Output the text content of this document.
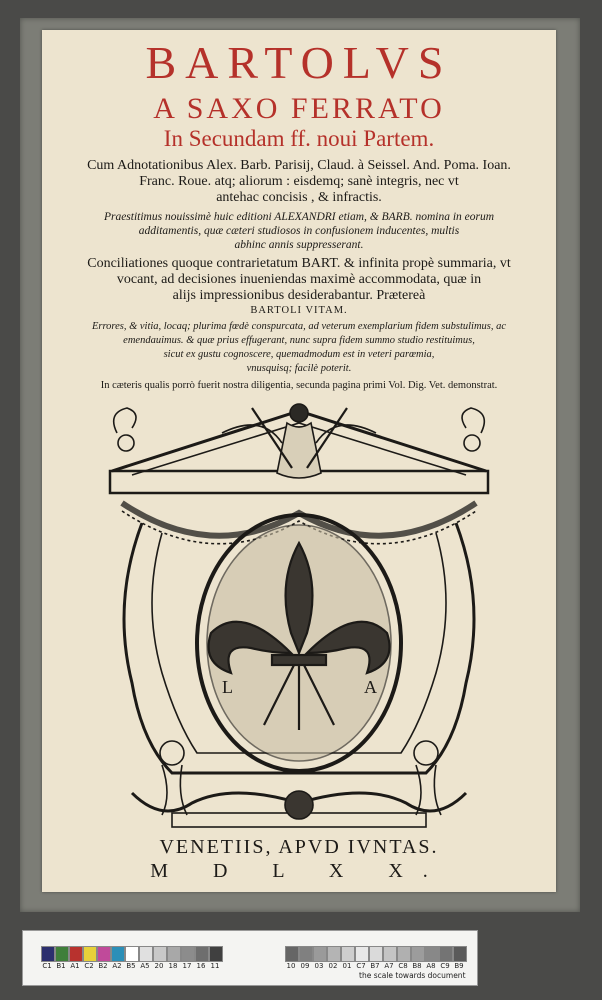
BARTOLVS
A SAXO FERRATO
In Secundam ff. noui Partem.
Cum Adnotationibus Alex. Barb. Parisij, Claud. à Seissel. And. Poma. Ioan.
Franc. Roue. atq; aliorum : eisdemq; sanè integris, nec vt
antehac concisis , & infractis.
Praestitimus nouissimè huic editioni ALEXANDRI etiam, & BARB. nomina in eorum
additamentis, quæ cæteri studiosos in confusionem inducentes, multis
abhinc annis suppresserant.
Conciliationes quoque contrarietatum BART. & infinita propè summaria, vt
vocant, ad decisiones inueniendas maximè accommodata, quæ in
alijs impressionibus desiderabantur. Prætereà
BARTOLI VITAM.
Errores, & vitia, locaq; plurima fœdè conspurcata, ad veterum exemplarium fidem substulimus, ac
emendauimus. & quæ prius effugerant, nunc supra fidem summo studio restituimus,
sicut ex gustu cognoscere, quemadmodum est in veteri parœmia,
vnusquisq; facilè poterit.
In cæteris qualis porrò fuerit nostra diligentia, secunda pagina primi Vol. Dig. Vet. demonstrat.
L	A
VENETIIS, APVD IVNTAS.
M D L X X.
C1 B1 A1 C2 B2 A2 B5 A5 20 18 17 16 11	10 09 03 02 01 C7 B7 A7 C8 B8 A8 C9 B9
the scale towards document
